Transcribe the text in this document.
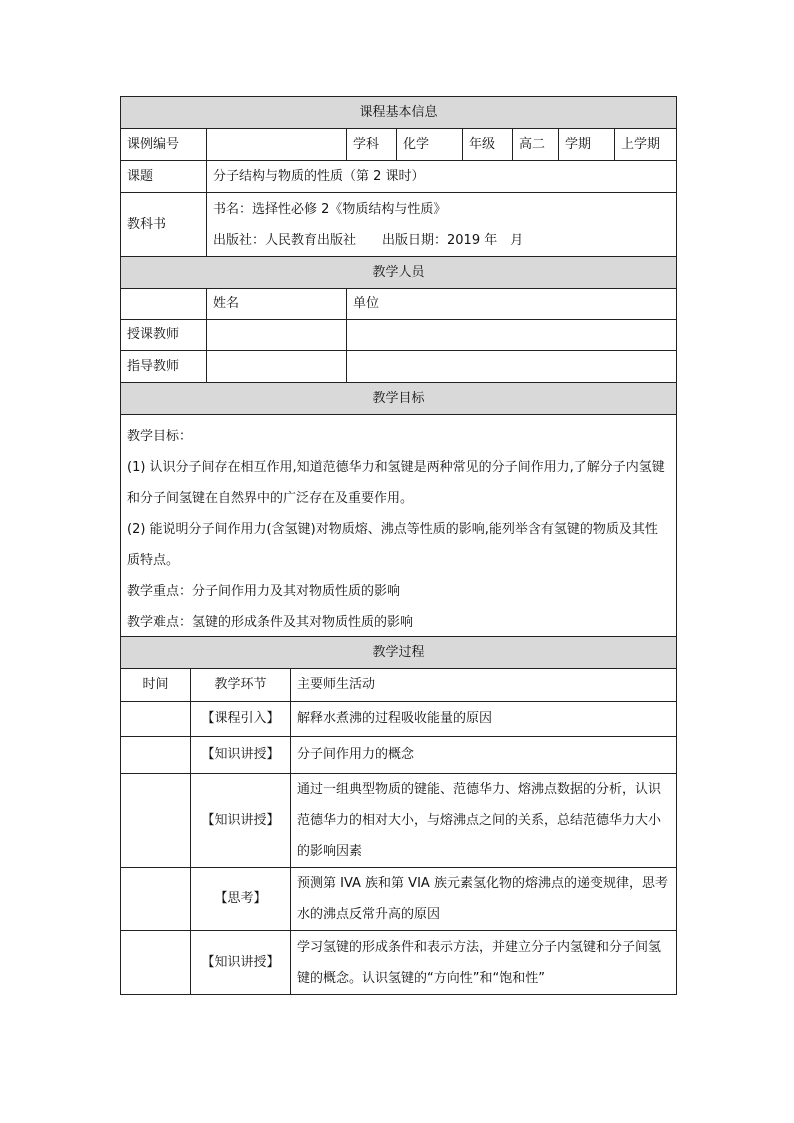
课程基本信息							
课例编号		学科	化学	年级	高二	学期	上学期
课题	分子结构与物质的性质（第 2 课时）						
教科书	书名：选择性必修 2《物质结构与性质》
出版社：人民教育出版社　　出版日期：2019 年　月						

教学人员							
	姓名	单位					
授课教师							
指导教师							
教学目标							

教学目标：

(1) 认识分子间存在相互作用,知道范德华力和氢键是两种常见的分子间作用力,了解分子内氢键和分子间氢键在自然界中的广泛存在及重要作用。

(2) 能说明分子间作用力(含氢键)对物质熔、沸点等性质的影响,能列举含有氢键的物质及其性质特点。

教学重点：分子间作用力及其对物质性质的影响

教学难点：氢键的形成条件及其对物质性质的影响							

教学过程		
时间	教学环节	主要师生活动
	【课程引入】	解释水煮沸的过程吸收能量的原因
	【知识讲授】	分子间作用力的概念
	【知识讲授】	通过一组典型物质的键能、范德华力、熔沸点数据的分析，认识范德华力的相对大小，与熔沸点之间的关系，总结范德华力大小的影响因素
	【思考】	预测第 IVA 族和第 VIA 族元素氢化物的熔沸点的递变规律，思考水的沸点反常升高的原因
	【知识讲授】	学习氢键的形成条件和表示方法，并建立分子内氢键和分子间氢键的概念。认识氢键的“方向性”和“饱和性”
